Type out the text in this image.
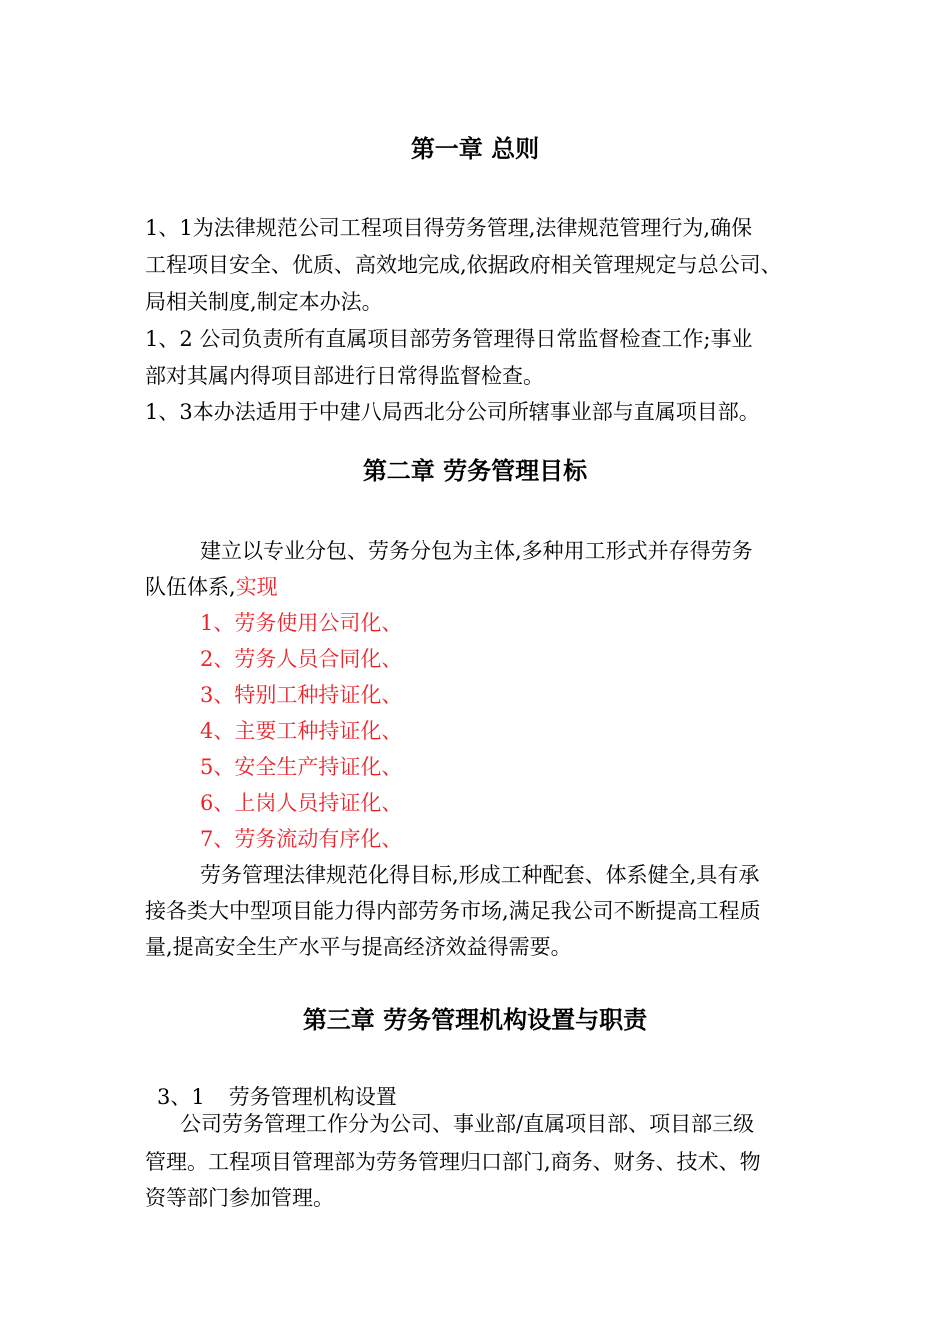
第一章 总则

1、1为法律规范公司工程项目得劳务管理,法律规范管理行为,确保

工程项目安全、优质、高效地完成,依据政府相关管理规定与总公司、

局相关制度,制定本办法。

1、2 公司负责所有直属项目部劳务管理得日常监督检查工作;事业

部对其属内得项目部进行日常得监督检查。

1、3本办法适用于中建八局西北分公司所辖事业部与直属项目部。

第二章 劳务管理目标

建立以专业分包、劳务分包为主体,多种用工形式并存得劳务

队伍体系,实现

1、劳务使用公司化、

2、劳务人员合同化、

3、特别工种持证化、

4、主要工种持证化、

5、安全生产持证化、

6、上岗人员持证化、

7、劳务流动有序化、

劳务管理法律规范化得目标,形成工种配套、体系健全,具有承

接各类大中型项目能力得内部劳务市场,满足我公司不断提高工程质

量,提高安全生产水平与提高经济效益得需要。

第三章 劳务管理机构设置与职责

3、1 劳务管理机构设置

公司劳务管理工作分为公司、事业部/直属项目部、项目部三级

管理。工程项目管理部为劳务管理归口部门,商务、财务、技术、物

资等部门参加管理。
